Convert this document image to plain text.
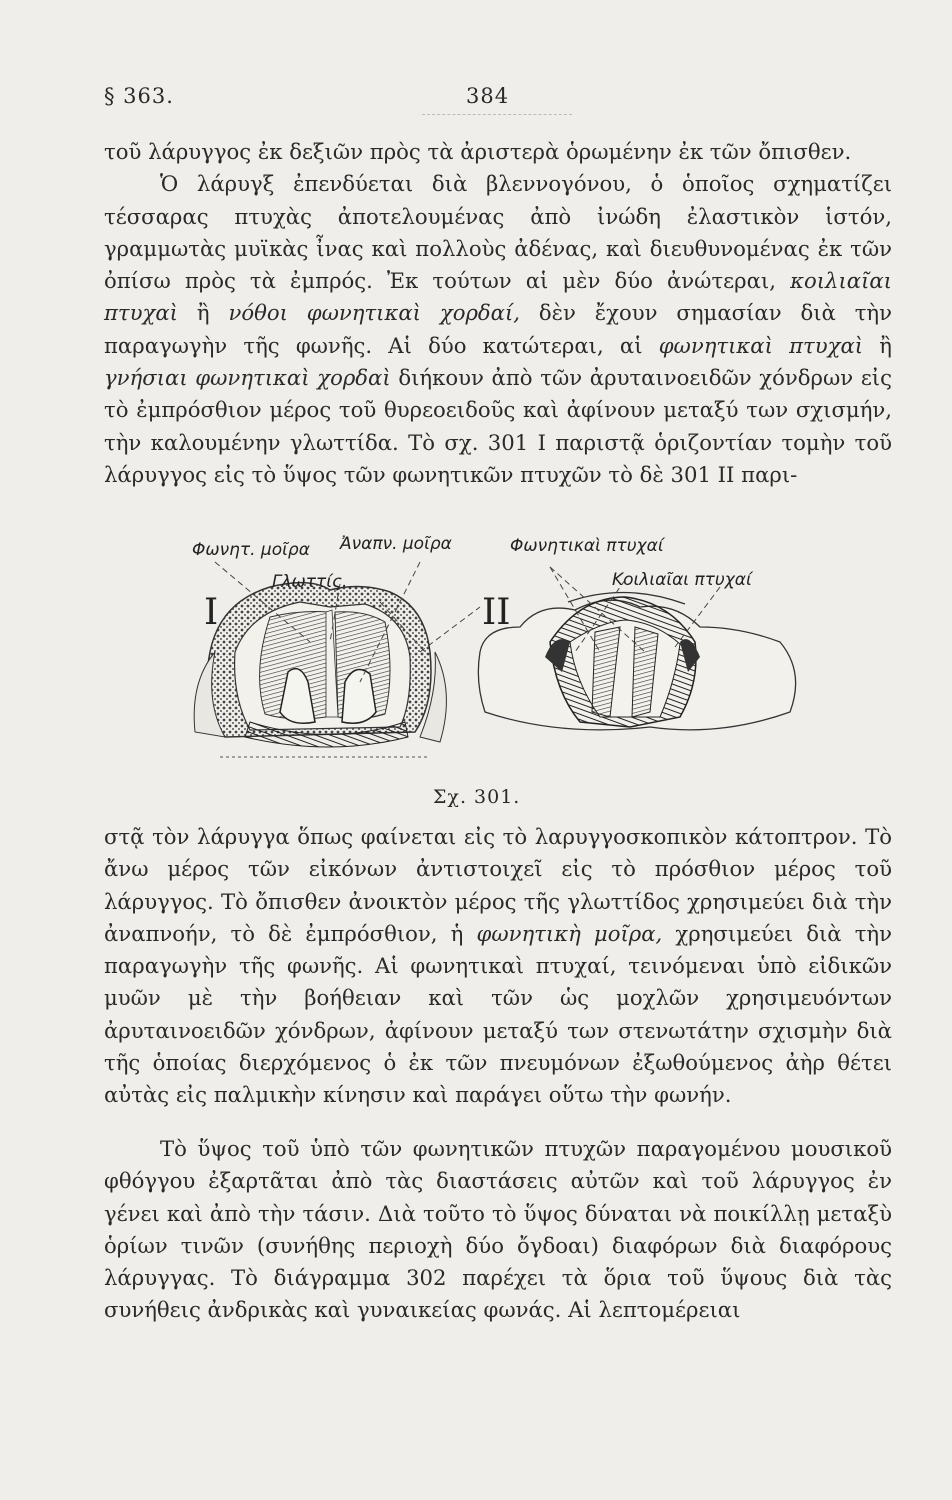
§ 363.	384

τοῦ λάρυγγος ἐκ δεξιῶν πρὸς τὰ ἀριστερὰ ὁρωμένην ἐκ τῶν ὄπισθεν.

Ὁ λάρυγξ ἐπενδύεται διὰ βλεννογόνου, ὁ ὁποῖος σχηματίζει τέσσαρας πτυχὰς ἀποτελουμένας ἀπὸ ἰνώδη ἐλαστικὸν ἱστόν, γραμμωτὰς μυϊκὰς ἶνας καὶ πολλοὺς ἀδένας, καὶ διευθυνομένας ἐκ τῶν ὀπίσω πρὸς τὰ ἐμπρός. Ἐκ τούτων αἱ μὲν δύο ἀνώτεραι, κοιλιαῖαι πτυχαὶ ἢ νόθοι φωνητικαὶ χορδαί, δὲν ἔχουν σημασίαν διὰ τὴν παραγωγὴν τῆς φωνῆς. Αἱ δύο κατώτεραι, αἱ φωνητικαὶ πτυχαὶ ἢ γνήσιαι φωνητικαὶ χορδαὶ διήκουν ἀπὸ τῶν ἀρυταινοειδῶν χόνδρων εἰς τὸ ἐμπρόσθιον μέρος τοῦ θυρεοειδοῦς καὶ ἀφίνουν μεταξύ των σχισμήν, τὴν καλουμένην γλωττίδα. Τὸ σχ. 301 Ι παριστᾷ ὁριζοντίαν τομὴν τοῦ λάρυγγος εἰς τὸ ὕψος τῶν φωνητικῶν πτυχῶν τὸ δὲ 301 ΙΙ παρι-

Φωνητ. μοῖρα Ἀναπν. μοῖρα
Γλωττίς.
Φωνητικαὶ πτυχαί
Κοιλιαῖαι πτυχαί
Ι	ΙΙ
Σχ. 301.

στᾷ τὸν λάρυγγα ὅπως φαίνεται εἰς τὸ λαρυγγοσκοπικὸν κάτοπτρον. Τὸ ἄνω μέρος τῶν εἰκόνων ἀντιστοιχεῖ εἰς τὸ πρόσθιον μέρος τοῦ λάρυγγος. Τὸ ὄπισθεν ἀνοικτὸν μέρος τῆς γλωττίδος χρησιμεύει διὰ τὴν ἀναπνοήν, τὸ δὲ ἐμπρόσθιον, ἡ φωνητικὴ μοῖρα, χρησιμεύει διὰ τὴν παραγωγὴν τῆς φωνῆς. Αἱ φωνητικαὶ πτυχαί, τεινόμεναι ὑπὸ εἰδικῶν μυῶν μὲ τὴν βοήθειαν καὶ τῶν ὡς μοχλῶν χρησιμευόντων ἀρυταινοειδῶν χόνδρων, ἀφίνουν μεταξύ των στενωτάτην σχισμὴν διὰ τῆς ὁποίας διερχόμενος ὁ ἐκ τῶν πνευμόνων ἐξωθούμενος ἀὴρ θέτει αὐτὰς εἰς παλμικὴν κίνησιν καὶ παράγει οὕτω τὴν φωνήν.

Τὸ ὕψος τοῦ ὑπὸ τῶν φωνητικῶν πτυχῶν παραγομένου μουσικοῦ φθόγγου ἐξαρτᾶται ἀπὸ τὰς διαστάσεις αὐτῶν καὶ τοῦ λάρυγγος ἐν γένει καὶ ἀπὸ τὴν τάσιν. Διὰ τοῦτο τὸ ὕψος δύναται νὰ ποικίλλῃ μεταξὺ ὁρίων τινῶν (συνήθης περιοχὴ δύο ὄγδοαι) διαφόρων διὰ διαφόρους λάρυγγας. Τὸ διάγραμμα 302 παρέχει τὰ ὅρια τοῦ ὕψους διὰ τὰς συνήθεις ἀνδρικὰς καὶ γυναικείας φωνάς. Αἱ λεπτομέρειαι
